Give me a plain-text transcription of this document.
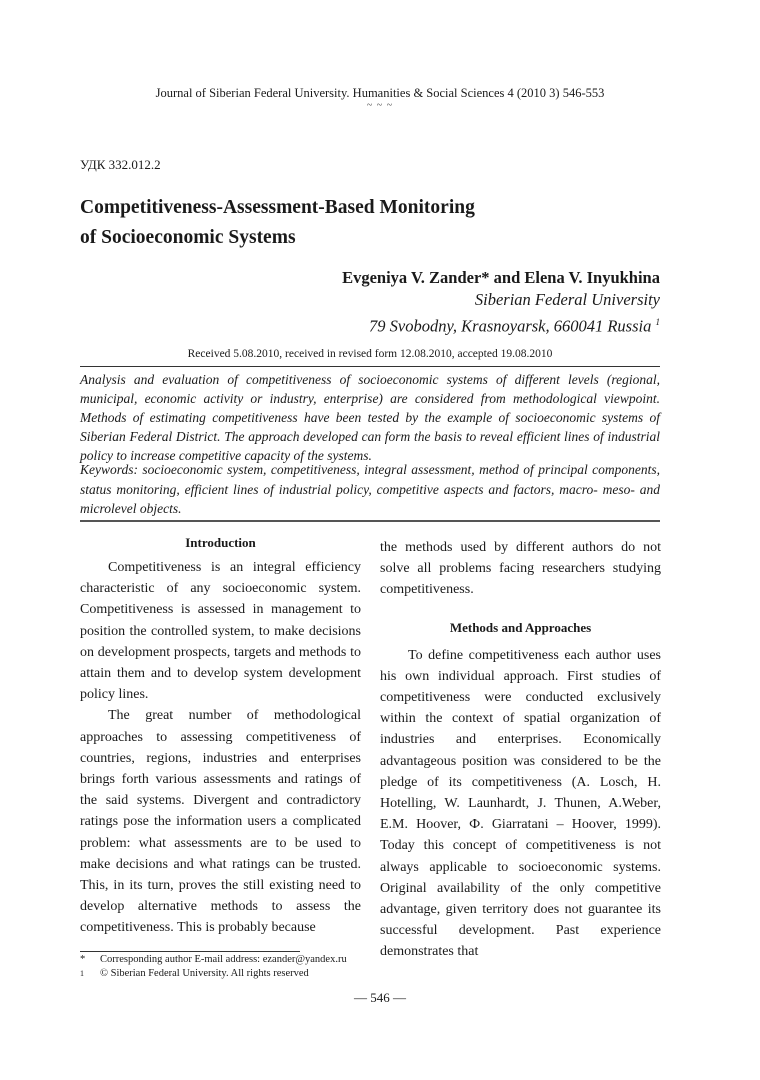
Journal of Siberian Federal University. Humanities & Social Sciences 4 (2010 3) 546-553
~ ~ ~
УДК 332.012.2
Competitiveness-Assessment-Based Monitoring
of Socioeconomic Systems
Evgeniya V. Zander* and Elena V. Inyukhina
Siberian Federal University
79 Svobodny, Krasnoyarsk, 660041 Russia $^1$
Received 5.08.2010, received in revised form 12.08.2010, accepted 19.08.2010
Analysis and evaluation of competitiveness of socioeconomic systems of different levels (regional, municipal, economic activity or industry, enterprise) are considered from methodological viewpoint. Methods of estimating competitiveness have been tested by the example of socioeconomic systems of Siberian Federal District. The approach developed can form the basis to reveal efficient lines of industrial policy to increase competitive capacity of the systems.
Keywords: socioeconomic system, competitiveness, integral assessment, method of principal components, status monitoring, efficient lines of industrial policy, competitive aspects and factors, macro- meso- and microlevel objects.
Introduction

Competitiveness is an integral efficiency characteristic of any socioeconomic system. Competitiveness is assessed in management to position the controlled system, to make decisions on development prospects, targets and methods to attain them and to develop system development policy lines.

The great number of methodological approaches to assessing competitiveness of countries, regions, industries and enterprises brings forth various assessments and ratings of the said systems. Divergent and contradictory ratings pose the information users a complicated problem: what assessments are to be used to make decisions and what ratings can be trusted. This, in its turn, proves the still existing need to develop alternative methods to assess the competitiveness. This is probably because

the methods used by different authors do not solve all problems facing researchers studying competitiveness.

Methods and Approaches

To define competitiveness each author uses his own individual approach. First studies of competitiveness were conducted exclusively within the context of spatial organization of industries and enterprises. Economically advantageous position was considered to be the pledge of its competitiveness (A. Losch, H. Hotelling, W. Launhardt, J. Thunen, A.Weber, E.M. Hoover, Ф. Giarratani – Hoover, 1999). Today this concept of competitiveness is not always applicable to socioeconomic systems. Original availability of the only competitive advantage, given territory does not guarantee its successful development. Past experience demonstrates that

*	Corresponding author E-mail address: ezander@yandex.ru
1	© Siberian Federal University. All rights reserved
— 546 —
